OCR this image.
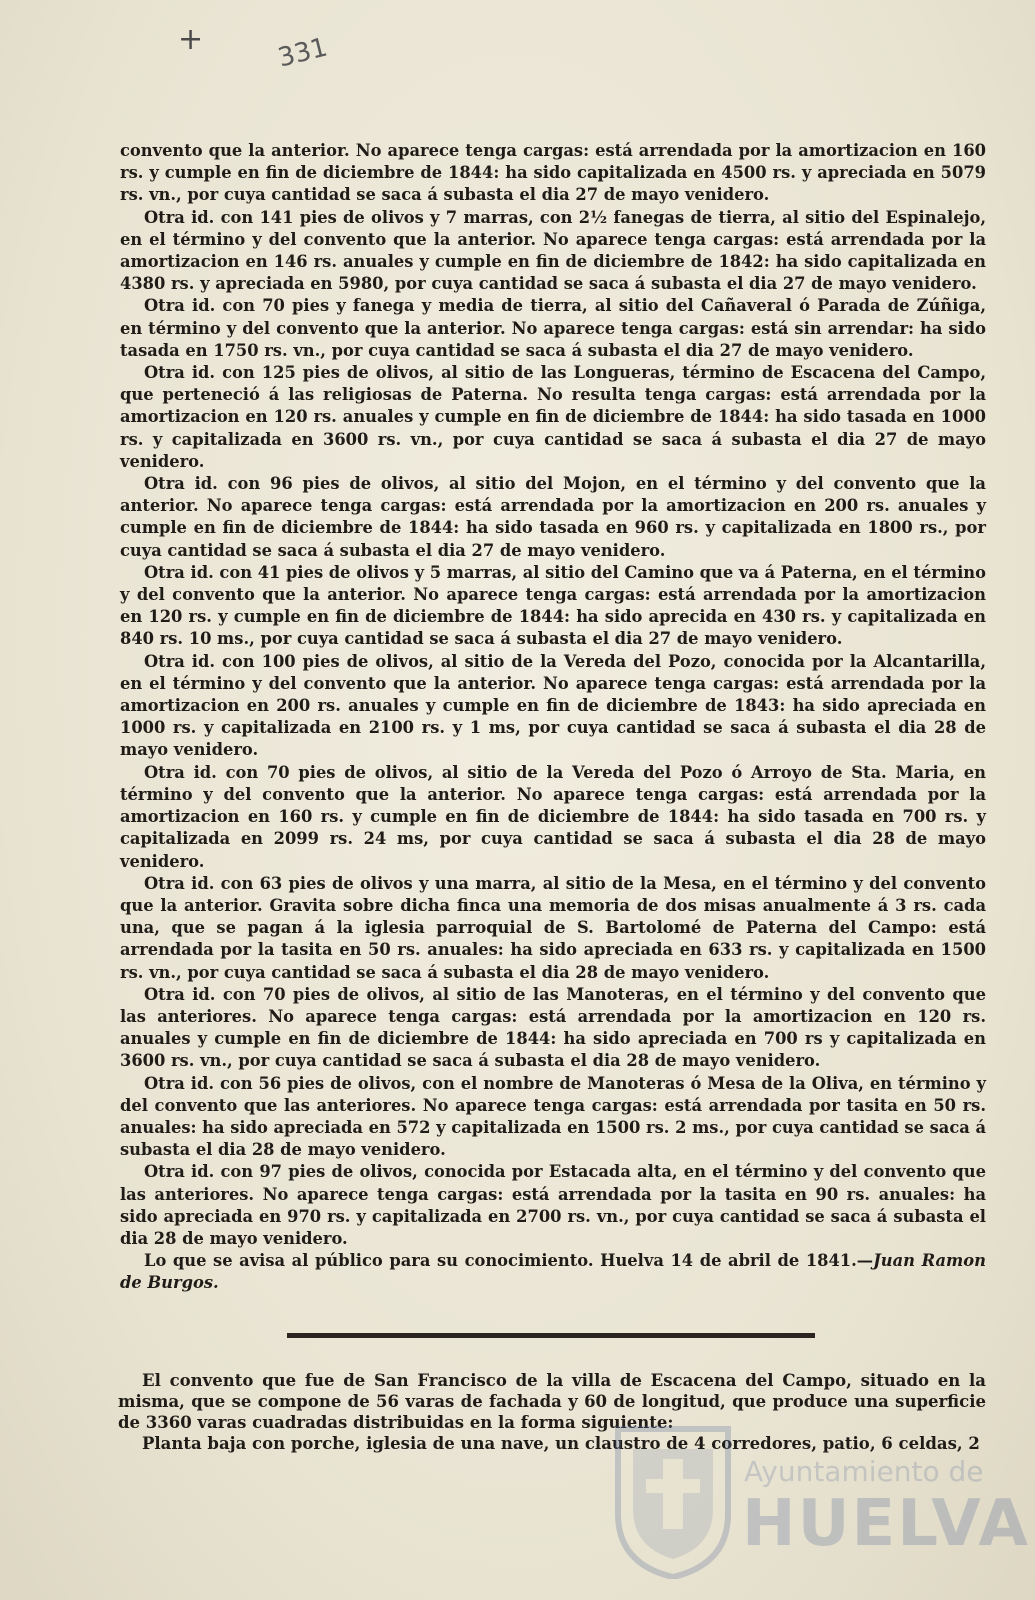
+	331

convento que la anterior. No aparece tenga cargas: está arrendada por la amortizacion en 160 rs. y cumple en fin de diciembre de 1844: ha sido capitalizada en 4500 rs. y apreciada en 5079 rs. vn., por cuya cantidad se saca á subasta el dia 27 de mayo venidero.

Otra id. con 141 pies de olivos y 7 marras, con 2½ fanegas de tierra, al sitio del Espinalejo, en el término y del convento que la anterior. No aparece tenga cargas: está arrendada por la amortizacion en 146 rs. anuales y cumple en fin de diciembre de 1842: ha sido capitalizada en 4380 rs. y apreciada en 5980, por cuya cantidad se saca á subasta el dia 27 de mayo venidero.

Otra id. con 70 pies y fanega y media de tierra, al sitio del Cañaveral ó Parada de Zúñiga, en término y del convento que la anterior. No aparece tenga cargas: está sin arrendar: ha sido tasada en 1750 rs. vn., por cuya cantidad se saca á subasta el dia 27 de mayo venidero.

Otra id. con 125 pies de olivos, al sitio de las Longueras, término de Escacena del Campo, que perteneció á las religiosas de Paterna. No resulta tenga cargas: está arrendada por la amortizacion en 120 rs. anuales y cumple en fin de diciembre de 1844: ha sido tasada en 1000 rs. y capitalizada en 3600 rs. vn., por cuya cantidad se saca á subasta el dia 27 de mayo venidero.

Otra id. con 96 pies de olivos, al sitio del Mojon, en el término y del convento que la anterior. No aparece tenga cargas: está arrendada por la amortizacion en 200 rs. anuales y cumple en fin de diciembre de 1844: ha sido tasada en 960 rs. y capitalizada en 1800 rs., por cuya cantidad se saca á subasta el dia 27 de mayo venidero.

Otra id. con 41 pies de olivos y 5 marras, al sitio del Camino que va á Paterna, en el término y del convento que la anterior. No aparece tenga cargas: está arrendada por la amortizacion en 120 rs. y cumple en fin de diciembre de 1844: ha sido aprecida en 430 rs. y capitalizada en 840 rs. 10 ms., por cuya cantidad se saca á subasta el dia 27 de mayo venidero.

Otra id. con 100 pies de olivos, al sitio de la Vereda del Pozo, conocida por la Alcantarilla, en el término y del convento que la anterior. No aparece tenga cargas: está arrendada por la amortizacion en 200 rs. anuales y cumple en fin de diciembre de 1843: ha sido apreciada en 1000 rs. y capitalizada en 2100 rs. y 1 ms, por cuya cantidad se saca á subasta el dia 28 de mayo venidero.

Otra id. con 70 pies de olivos, al sitio de la Vereda del Pozo ó Arroyo de Sta. Maria, en término y del convento que la anterior. No aparece tenga cargas: está arrendada por la amortizacion en 160 rs. y cumple en fin de diciembre de 1844: ha sido tasada en 700 rs. y capitalizada en 2099 rs. 24 ms, por cuya cantidad se saca á subasta el dia 28 de mayo venidero.

Otra id. con 63 pies de olivos y una marra, al sitio de la Mesa, en el término y del convento que la anterior. Gravita sobre dicha finca una memoria de dos misas anualmente á 3 rs. cada una, que se pagan á la iglesia parroquial de S. Bartolomé de Paterna del Campo: está arrendada por la tasita en 50 rs. anuales: ha sido apreciada en 633 rs. y capitalizada en 1500 rs. vn., por cuya cantidad se saca á subasta el dia 28 de mayo venidero.

Otra id. con 70 pies de olivos, al sitio de las Manoteras, en el término y del convento que las anteriores. No aparece tenga cargas: está arrendada por la amortizacion en 120 rs. anuales y cumple en fin de diciembre de 1844: ha sido apreciada en 700 rs y capitalizada en 3600 rs. vn., por cuya cantidad se saca á subasta el dia 28 de mayo venidero.

Otra id. con 56 pies de olivos, con el nombre de Manoteras ó Mesa de la Oliva, en término y del convento que las anteriores. No aparece tenga cargas: está arrendada por tasita en 50 rs. anuales: ha sido apreciada en 572 y capitalizada en 1500 rs. 2 ms., por cuya cantidad se saca á subasta el dia 28 de mayo venidero.

Otra id. con 97 pies de olivos, conocida por Estacada alta, en el término y del convento que las anteriores. No aparece tenga cargas: está arrendada por la tasita en 90 rs. anuales: ha sido apreciada en 970 rs. y capitalizada en 2700 rs. vn., por cuya cantidad se saca á subasta el dia 28 de mayo venidero.

Lo que se avisa al público para su conocimiento. Huelva 14 de abril de 1841.—Juan Ramon de Burgos.

El convento que fue de San Francisco de la villa de Escacena del Campo, situado en la misma, que se compone de 56 varas de fachada y 60 de longitud, que produce una superficie de 3360 varas cuadradas distribuidas en la forma siguiente:

Planta baja con porche, iglesia de una nave, un claustro de 4 corredores, patio, 6 celdas, 2

Ayuntamiento de
HUELVA
